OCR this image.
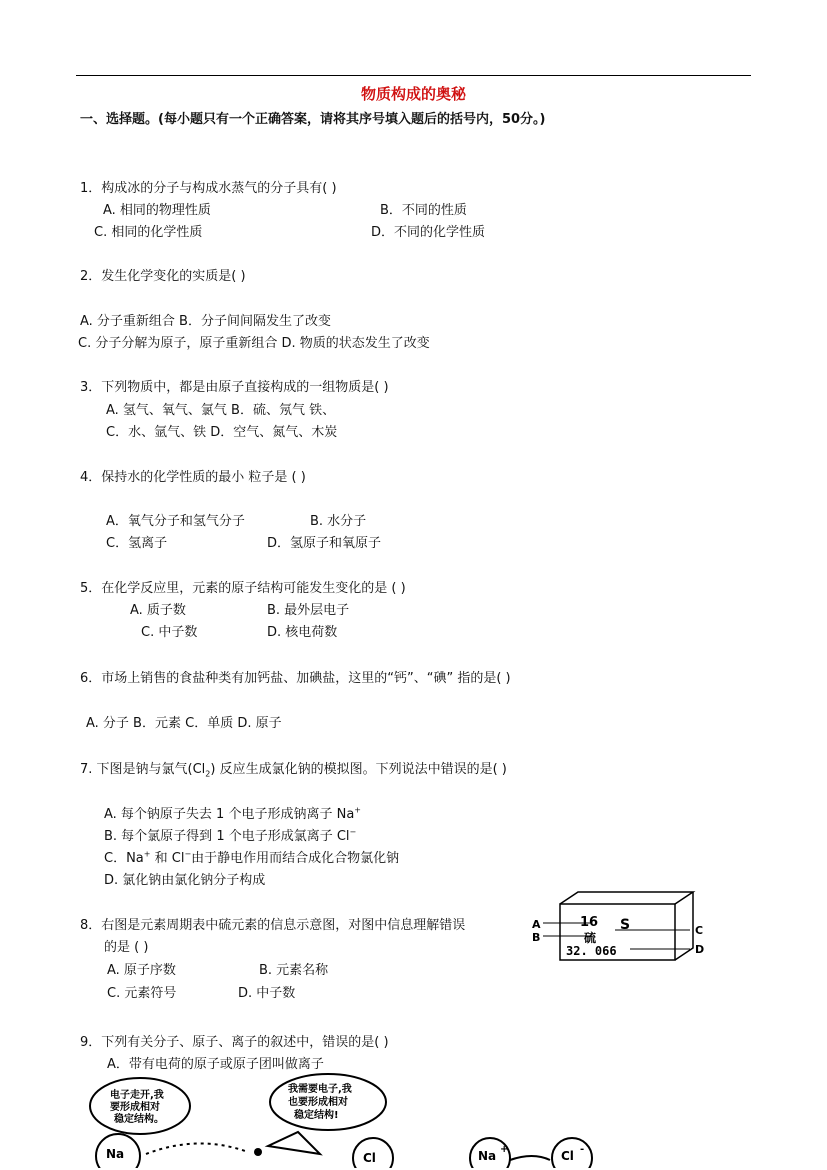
物质构成的奥秘
一、选择题。(每小题只有一个正确答案，请将其序号填入题后的括号内，50分。)
1．构成冰的分子与构成水蒸气的分子具有( )
A. 相同的物理性质	B．不同的性质
C. 相同的化学性质	D．不同的化学性质
2．发生化学变化的实质是( )
A. 分子重新组合 B．分子间间隔发生了改变
C. 分子分解为原子，原子重新组合 D. 物质的状态发生了改变
3．下列物质中，都是由原子直接构成的一组物质是( )
A. 氢气、氧气、氯气 B．硫、氖气 铁、
C．水、氩气、铁 D．空气、氮气、木炭
4．保持水的化学性质的最小 粒子是 ( )
A．氧气分子和氢气分子	B. 水分子
C．氢离子	D．氢原子和氧原子
5．在化学反应里，元素的原子结构可能发生变化的是 ( )
A. 质子数	B. 最外层电子
C. 中子数	D. 核电荷数
6．市场上销售的食盐种类有加钙盐、加碘盐，这里的“钙”、“碘” 指的是( )
A. 分子 B．元素 C．单质 D. 原子
7. 下图是钠与氯气$(Cl_2)$ 反应生成氯化钠的模拟图。下列说法中错误的是( )
A. 每个钠原子失去 1 个电子形成钠离子 Na+
B. 每个氯原子得到 1 个电子形成氯离子 Cl−
C．Na+ 和 Cl−由于静电作用而结合成化合物氯化钠
D. 氯化钠由氯化钠分子构成
8．右图是元素周期表中硫元素的信息示意图，对图中信息理解错误
的是 ( )
A. 原子序数	B. 元素名称
C. 元素符号	D. 中子数
A
B
C
D
16 S
硫
32. 066
9．下列有关分子、原子、离子的叙述中，错误的是( )
A．带有电荷的原子或原子团叫做离子
电子走开,我
要形成相对
稳定结构。
Na
我需要电子,我
也要形成相对
稳定结构!
Cl	Na +	Cl -
